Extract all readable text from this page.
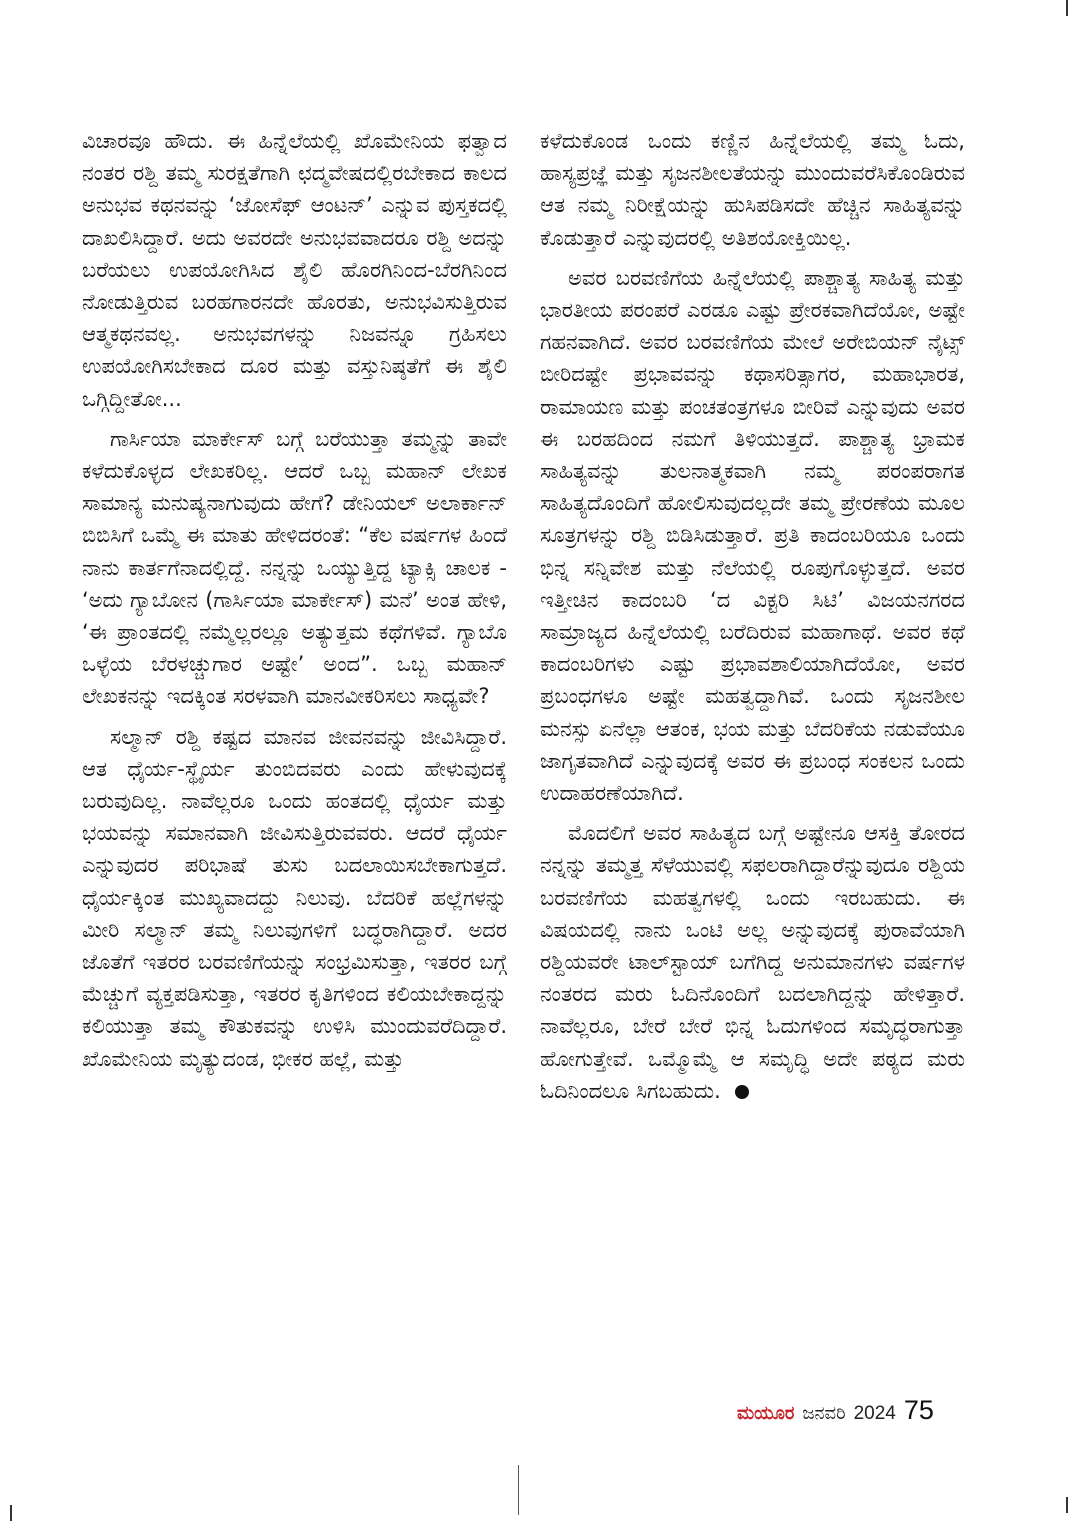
ವಿಚಾರವೂ ಹೌದು. ಈ ಹಿನ್ನೆಲೆಯಲ್ಲಿ ಖೊಮೇನಿಯ ಫತ್ವಾದ ನಂತರ ರಶ್ದಿ ತಮ್ಮ ಸುರಕ್ಷತೆಗಾಗಿ ಛದ್ಮವೇಷದಲ್ಲಿರಬೇಕಾದ ಕಾಲದ ಅನುಭವ ಕಥನವನ್ನು ‘ಜೋಸೆಫ್ ಆಂಟನ್’ ಎನ್ನುವ ಪುಸ್ತಕದಲ್ಲಿ ದಾಖಲಿಸಿದ್ದಾರೆ. ಅದು ಅವರದೇ ಅನುಭವವಾದರೂ ರಶ್ದಿ ಅದನ್ನು ಬರೆಯಲು ಉಪಯೋಗಿಸಿದ ಶೈಲಿ ಹೊರಗಿನಿಂದ-ಬೆರಗಿನಿಂದ ನೋಡುತ್ತಿರುವ ಬರಹಗಾರನದೇ ಹೊರತು, ಅನುಭವಿಸುತ್ತಿರುವ ಆತ್ಮಕಥನವಲ್ಲ. ಅನುಭವಗಳನ್ನು ನಿಜವನ್ನೂ ಗ್ರಹಿಸಲು ಉಪಯೋಗಿಸಬೇಕಾದ ದೂರ ಮತ್ತು ವಸ್ತುನಿಷ್ಠತೆಗೆ ಈ ಶೈಲಿ ಒಗ್ಗಿದ್ದೀತೋ...

ಗಾರ್ಸಿಯಾ ಮಾರ್ಕೇಸ್ ಬಗ್ಗೆ ಬರೆಯುತ್ತಾ ತಮ್ಮನ್ನು ತಾವೇ ಕಳೆದುಕೊಳ್ಳದ ಲೇಖಕರಿಲ್ಲ. ಆದರೆ ಒಬ್ಬ ಮಹಾನ್ ಲೇಖಕ ಸಾಮಾನ್ಯ ಮನುಷ್ಯನಾಗುವುದು ಹೇಗೆ? ಡೇನಿಯಲ್ ಅಲಾರ್ಕಾನ್ ಬಿಬಿಸಿಗೆ ಒಮ್ಮೆ ಈ ಮಾತು ಹೇಳಿದರಂತೆ: “ಕೆಲ ವರ್ಷಗಳ ಹಿಂದೆ ನಾನು ಕಾರ್ತಗೆನಾದಲ್ಲಿದ್ದೆ. ನನ್ನನ್ನು ಒಯ್ಯುತ್ತಿದ್ದ ಟ್ಯಾಕ್ಸಿ ಚಾಲಕ - ‘ಅದು ಗ್ಯಾಬೋನ (ಗಾರ್ಸಿಯಾ ಮಾರ್ಕೇಸ್) ಮನೆ’ ಅಂತ ಹೇಳಿ, ‘ಈ ಪ್ರಾಂತದಲ್ಲಿ ನಮ್ಮೆಲ್ಲರಲ್ಲೂ ಅತ್ಯುತ್ತಮ ಕಥೆಗಳಿವೆ. ಗ್ಯಾಬೊ ಒಳ್ಳೆಯ ಬೆರಳಚ್ಚುಗಾರ ಅಷ್ಟೇ’ ಅಂದ”. ಒಬ್ಬ ಮಹಾನ್ ಲೇಖಕನನ್ನು ಇದಕ್ಕಿಂತ ಸರಳವಾಗಿ ಮಾನವೀಕರಿಸಲು ಸಾಧ್ಯವೇ?

ಸಲ್ಮಾನ್ ರಶ್ದಿ ಕಷ್ಟದ ಮಾನವ ಜೀವನವನ್ನು ಜೀವಿಸಿದ್ದಾರೆ. ಆತ ಧೈರ್ಯ-ಸ್ಥೈರ್ಯ ತುಂಬಿದವರು ಎಂದು ಹೇಳುವುದಕ್ಕೆ ಬರುವುದಿಲ್ಲ. ನಾವೆಲ್ಲರೂ ಒಂದು ಹಂತದಲ್ಲಿ ಧೈರ್ಯ ಮತ್ತು ಭಯವನ್ನು ಸಮಾನವಾಗಿ ಜೀವಿಸುತ್ತಿರುವವರು. ಆದರೆ ಧೈರ್ಯ ಎನ್ನುವುದರ ಪರಿಭಾಷೆ ತುಸು ಬದಲಾಯಿಸಬೇಕಾಗುತ್ತದೆ. ಧೈರ್ಯಕ್ಕಿಂತ ಮುಖ್ಯವಾದದ್ದು ನಿಲುವು. ಬೆದರಿಕೆ ಹಲ್ಲೆಗಳನ್ನು ಮೀರಿ ಸಲ್ಮಾನ್ ತಮ್ಮ ನಿಲುವುಗಳಿಗೆ ಬದ್ಧರಾಗಿದ್ದಾರೆ. ಅದರ ಜೊತೆಗೆ ಇತರರ ಬರವಣಿಗೆಯನ್ನು ಸಂಭ್ರಮಿಸುತ್ತಾ, ಇತರರ ಬಗ್ಗೆ ಮೆಚ್ಚುಗೆ ವ್ಯಕ್ತಪಡಿಸುತ್ತಾ, ಇತರರ ಕೃತಿಗಳಿಂದ ಕಲಿಯಬೇಕಾದ್ದನ್ನು ಕಲಿಯುತ್ತಾ ತಮ್ಮ ಕೌತುಕವನ್ನು ಉಳಿಸಿ ಮುಂದುವರೆದಿದ್ದಾರೆ. ಖೊಮೇನಿಯ ಮೃತ್ಯುದಂಡ, ಭೀಕರ ಹಲ್ಲೆ, ಮತ್ತು

ಕಳೆದುಕೊಂಡ ಒಂದು ಕಣ್ಣಿನ ಹಿನ್ನೆಲೆಯಲ್ಲಿ ತಮ್ಮ ಓದು, ಹಾಸ್ಯಪ್ರಜ್ಞೆ ಮತ್ತು ಸೃಜನಶೀಲತೆಯನ್ನು ಮುಂದುವರೆಸಿಕೊಂಡಿರುವ ಆತ ನಮ್ಮ ನಿರೀಕ್ಷೆಯನ್ನು ಹುಸಿಪಡಿಸದೇ ಹೆಚ್ಚಿನ ಸಾಹಿತ್ಯವನ್ನು ಕೊಡುತ್ತಾರೆ ಎನ್ನುವುದರಲ್ಲಿ ಅತಿಶಯೋಕ್ತಿಯಿಲ್ಲ.

ಅವರ ಬರವಣಿಗೆಯ ಹಿನ್ನೆಲೆಯಲ್ಲಿ ಪಾಶ್ಚಾತ್ಯ ಸಾಹಿತ್ಯ ಮತ್ತು ಭಾರತೀಯ ಪರಂಪರೆ ಎರಡೂ ಎಷ್ಟು ಪ್ರೇರಕವಾಗಿದೆಯೋ, ಅಷ್ಟೇ ಗಹನವಾಗಿದೆ. ಅವರ ಬರವಣಿಗೆಯ ಮೇಲೆ ಅರೇಬಿಯನ್ ನೈಟ್ಸ್ ಬೀರಿದಷ್ಟೇ ಪ್ರಭಾವವನ್ನು ಕಥಾಸರಿತ್ಸಾಗರ, ಮಹಾಭಾರತ, ರಾಮಾಯಣ ಮತ್ತು ಪಂಚತಂತ್ರಗಳೂ ಬೀರಿವೆ ಎನ್ನುವುದು ಅವರ ಈ ಬರಹದಿಂದ ನಮಗೆ ತಿಳಿಯುತ್ತದೆ. ಪಾಶ್ಚಾತ್ಯ ಭ್ರಾಮಕ ಸಾಹಿತ್ಯವನ್ನು ತುಲನಾತ್ಮಕವಾಗಿ ನಮ್ಮ ಪರಂಪರಾಗತ ಸಾಹಿತ್ಯದೊಂದಿಗೆ ಹೋಲಿಸುವುದಲ್ಲದೇ ತಮ್ಮ ಪ್ರೇರಣೆಯ ಮೂಲ ಸೂತ್ರಗಳನ್ನು ರಶ್ದಿ ಬಿಡಿಸಿಡುತ್ತಾರೆ. ಪ್ರತಿ ಕಾದಂಬರಿಯೂ ಒಂದು ಭಿನ್ನ ಸನ್ನಿವೇಶ ಮತ್ತು ನೆಲೆಯಲ್ಲಿ ರೂಪುಗೊಳ್ಳುತ್ತದೆ. ಅವರ ಇತ್ತೀಚಿನ ಕಾದಂಬರಿ ‘ದ ವಿಕ್ಟರಿ ಸಿಟಿ’ ವಿಜಯನಗರದ ಸಾಮ್ರಾಜ್ಯದ ಹಿನ್ನೆಲೆಯಲ್ಲಿ ಬರೆದಿರುವ ಮಹಾಗಾಥೆ. ಅವರ ಕಥೆ ಕಾದಂಬರಿಗಳು ಎಷ್ಟು ಪ್ರಭಾವಶಾಲಿಯಾಗಿದೆಯೋ, ಅವರ ಪ್ರಬಂಧಗಳೂ ಅಷ್ಟೇ ಮಹತ್ವದ್ದಾಗಿವೆ. ಒಂದು ಸೃಜನಶೀಲ ಮನಸ್ಸು ಏನೆಲ್ಲಾ ಆತಂಕ, ಭಯ ಮತ್ತು ಬೆದರಿಕೆಯ ನಡುವೆಯೂ ಜಾಗೃತವಾಗಿದೆ ಎನ್ನುವುದಕ್ಕೆ ಅವರ ಈ ಪ್ರಬಂಧ ಸಂಕಲನ ಒಂದು ಉದಾಹರಣೆಯಾಗಿದೆ.

ಮೊದಲಿಗೆ ಅವರ ಸಾಹಿತ್ಯದ ಬಗ್ಗೆ ಅಷ್ಟೇನೂ ಆಸಕ್ತಿ ತೋರದ ನನ್ನನ್ನು ತಮ್ಮತ್ತ ಸೆಳೆಯುವಲ್ಲಿ ಸಫಲರಾಗಿದ್ದಾರೆನ್ನುವುದೂ ರಶ್ದಿಯ ಬರವಣಿಗೆಯ ಮಹತ್ವಗಳಲ್ಲಿ ಒಂದು ಇರಬಹುದು. ಈ ವಿಷಯದಲ್ಲಿ ನಾನು ಒಂಟಿ ಅಲ್ಲ ಅನ್ನುವುದಕ್ಕೆ ಪುರಾವೆಯಾಗಿ ರಶ್ದಿಯವರೇ ಟಾಲ್‌ಸ್ಟಾಯ್ ಬಗೆಗಿದ್ದ ಅನುಮಾನಗಳು ವರ್ಷಗಳ ನಂತರದ ಮರು ಓದಿನೊಂದಿಗೆ ಬದಲಾಗಿದ್ದನ್ನು ಹೇಳಿತ್ತಾರೆ. ನಾವೆಲ್ಲರೂ, ಬೇರೆ ಬೇರೆ ಭಿನ್ನ ಓದುಗಳಿಂದ ಸಮೃದ್ಧರಾಗುತ್ತಾ ಹೋಗುತ್ತೇವೆ. ಒಮ್ಮೊಮ್ಮೆ ಆ ಸಮೃದ್ಧಿ ಅದೇ ಪಠ್ಯದ ಮರು ಓದಿನಿಂದಲೂ ಸಿಗಬಹುದು.

ಮಯೂರ ಜನವರಿ 2024 75
